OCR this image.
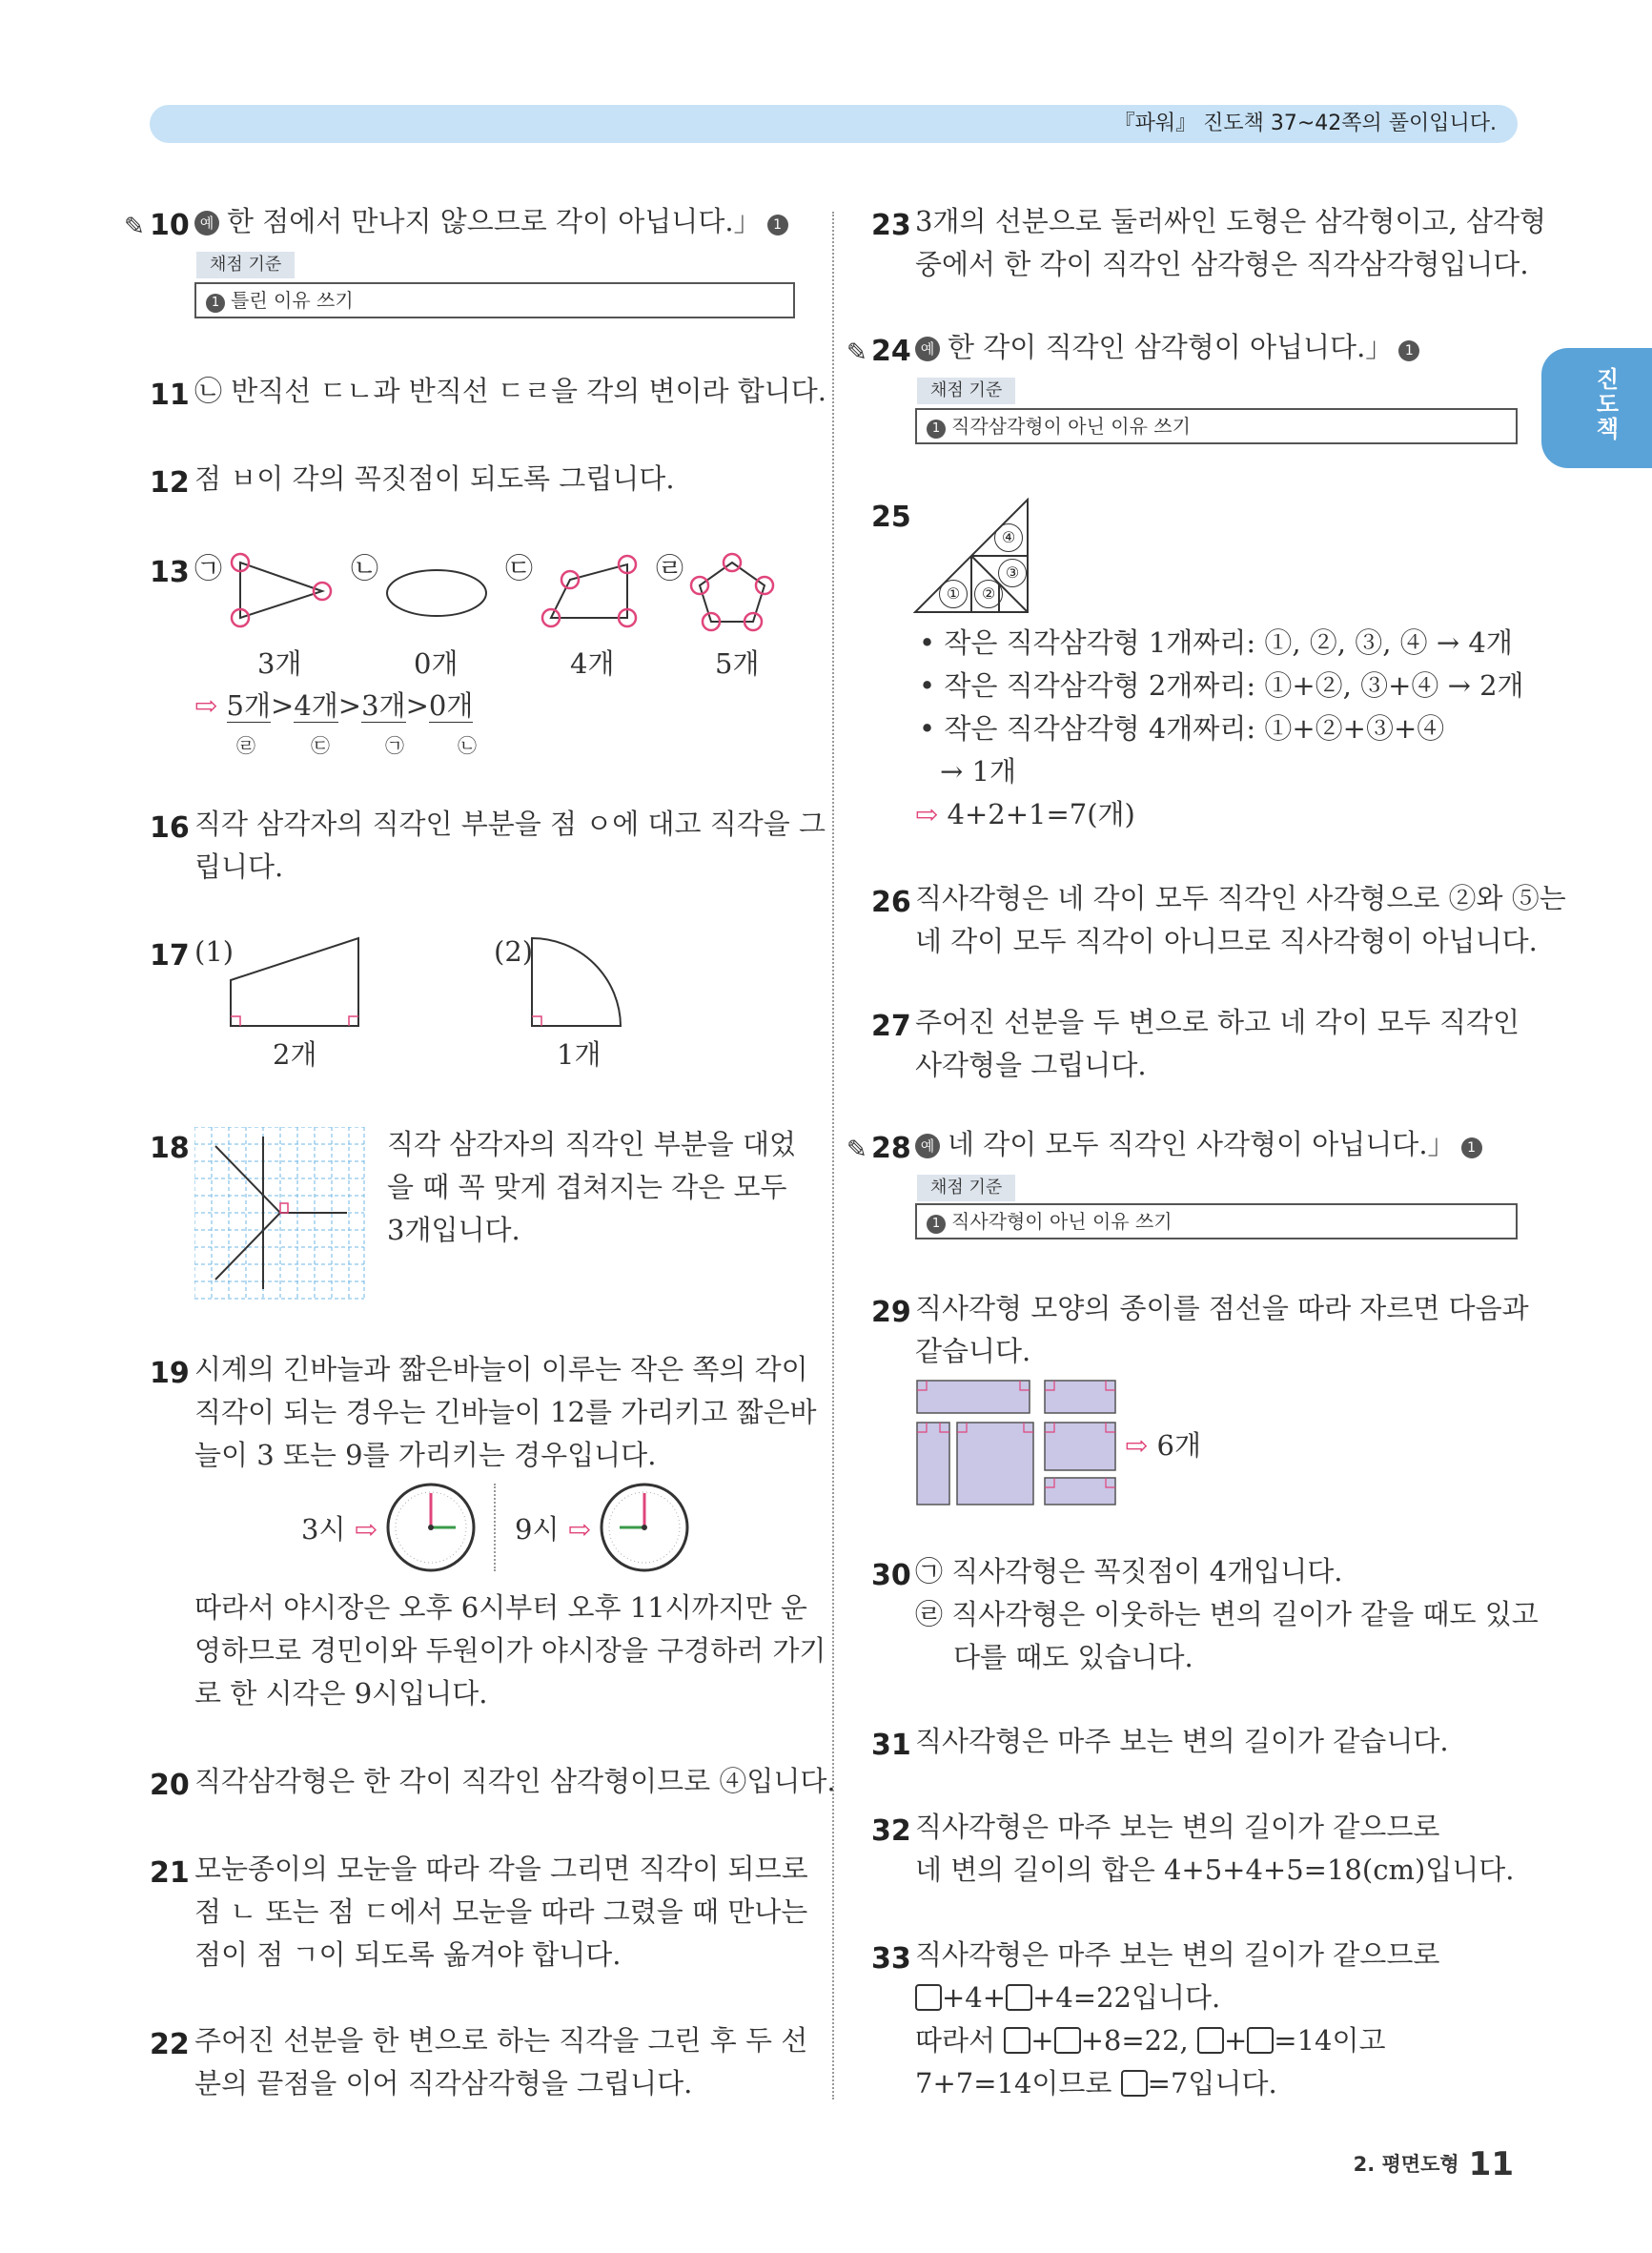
『파워』 진도책 37~42쪽의 풀이입니다.
진도책
✎ 10 예 한 점에서 만나지 않으므로 각이 아닙니다.」 1
채점 기준
1 틀린 이유 쓰기
11 ㉡ 반직선 ㄷㄴ과 반직선 ㄷㄹ을 각의 변이라 합니다.
12 점 ㅂ이 각의 꼭짓점이 되도록 그립니다.
13 ㉠	㉡	㉢	㉣
3개	0개	4개	5개
⇨ 5개>4개>3개>0개
㉣	㉢	㉠	㉡
16 직각 삼각자의 직각인 부분을 점 ㅇ에 대고 직각을 그
립니다.
17 (1)	(2)
2개	1개
18	직각 삼각자의 직각인 부분을 대었
을 때 꼭 맞게 겹쳐지는 각은 모두
3개입니다.
19 시계의 긴바늘과 짧은바늘이 이루는 작은 쪽의 각이
직각이 되는 경우는 긴바늘이 12를 가리키고 짧은바
늘이 3 또는 9를 가리키는 경우입니다.
3시 ⇨	9시 ⇨
따라서 야시장은 오후 6시부터 오후 11시까지만 운
영하므로 경민이와 두원이가 야시장을 구경하러 가기
로 한 시각은 9시입니다.
20 직각삼각형은 한 각이 직각인 삼각형이므로 ④입니다.
21 모눈종이의 모눈을 따라 각을 그리면 직각이 되므로
점 ㄴ 또는 점 ㄷ에서 모눈을 따라 그렸을 때 만나는
점이 점 ㄱ이 되도록 옮겨야 합니다.
22 주어진 선분을 한 변으로 하는 직각을 그린 후 두 선
분의 끝점을 이어 직각삼각형을 그립니다.
23 3개의 선분으로 둘러싸인 도형은 삼각형이고, 삼각형
중에서 한 각이 직각인 삼각형은 직각삼각형입니다.
✎ 24 예 한 각이 직각인 삼각형이 아닙니다.」 1
채점 기준
1 직각삼각형이 아닌 이유 쓰기
25
④
③
①	②
• 작은 직각삼각형 1개짜리: ①, ②, ③, ④ → 4개
• 작은 직각삼각형 2개짜리: ①+②, ③+④ → 2개
• 작은 직각삼각형 4개짜리: ①+②+③+④
→ 1개
⇨ 4+2+1=7(개)
26 직사각형은 네 각이 모두 직각인 사각형으로 ②와 ⑤는
네 각이 모두 직각이 아니므로 직사각형이 아닙니다.
27 주어진 선분을 두 변으로 하고 네 각이 모두 직각인
사각형을 그립니다.
✎ 28 예 네 각이 모두 직각인 사각형이 아닙니다.」 1
채점 기준
1 직사각형이 아닌 이유 쓰기
29 직사각형 모양의 종이를 점선을 따라 자르면 다음과
같습니다.
⇨ 6개
30 ㉠ 직사각형은 꼭짓점이 4개입니다.
㉣ 직사각형은 이웃하는 변의 길이가 같을 때도 있고
다를 때도 있습니다.
31 직사각형은 마주 보는 변의 길이가 같습니다.
32 직사각형은 마주 보는 변의 길이가 같으므로
네 변의 길이의 합은 4+5+4+5=18(cm)입니다.
33 직사각형은 마주 보는 변의 길이가 같으므로
+4+ +4=22입니다.
따라서 + +8=22, + =14이고
7+7=14이므로 =7입니다.
2. 평면도형 11
